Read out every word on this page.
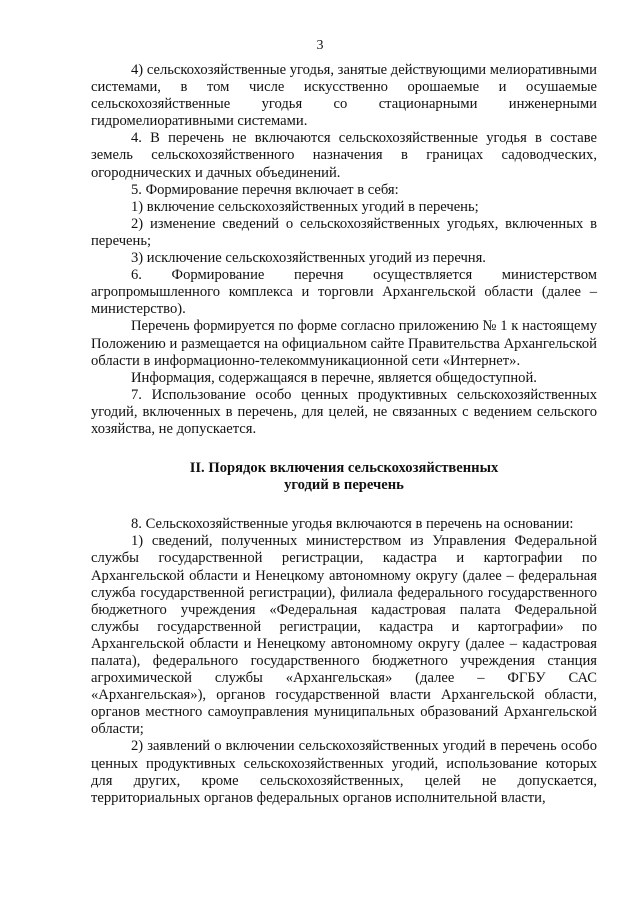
3

4) сельскохозяйственные угодья, занятые действующими мелиоративными системами, в том числе искусственно орошаемые и осушаемые сельскохозяйственные угодья со стационарными инженерными гидромелиоративными системами.

4. В перечень не включаются сельскохозяйственные угодья в составе земель сельскохозяйственного назначения в границах садоводческих, огороднических и дачных объединений.

5. Формирование перечня включает в себя:

1) включение сельскохозяйственных угодий в перечень;

2) изменение сведений о сельскохозяйственных угодьях, включенных в перечень;

3) исключение сельскохозяйственных угодий из перечня.

6. Формирование перечня осуществляется министерством агропромышленного комплекса и торговли Архангельской области (далее – министерство).

Перечень формируется по форме согласно приложению № 1 к настоящему Положению и размещается на официальном сайте Правительства Архангельской области в информационно-телекоммуникационной сети «Интернет».

Информация, содержащаяся в перечне, является общедоступной.

7. Использование особо ценных продуктивных сельскохозяйственных угодий, включенных в перечень, для целей, не связанных с ведением сельского хозяйства, не допускается.

II. Порядок включения сельскохозяйственных
угодий в перечень

8. Сельскохозяйственные угодья включаются в перечень на основании:

1) сведений, полученных министерством из Управления Федеральной службы государственной регистрации, кадастра и картографии по Архангельской области и Ненецкому автономному округу (далее – федеральная служба государственной регистрации), филиала федерального государственного бюджетного учреждения «Федеральная кадастровая палата Федеральной службы государственной регистрации, кадастра и картографии» по Архангельской области и Ненецкому автономному округу (далее – кадастровая палата), федерального государственного бюджетного учреждения станция агрохимической службы «Архангельская» (далее – ФГБУ САС «Архангельская»), органов государственной власти Архангельской области, органов местного самоуправления муниципальных образований Архангельской области;

2) заявлений о включении сельскохозяйственных угодий в перечень особо ценных продуктивных сельскохозяйственных угодий, использование которых для других, кроме сельскохозяйственных, целей не допускается, территориальных органов федеральных органов исполнительной власти,
